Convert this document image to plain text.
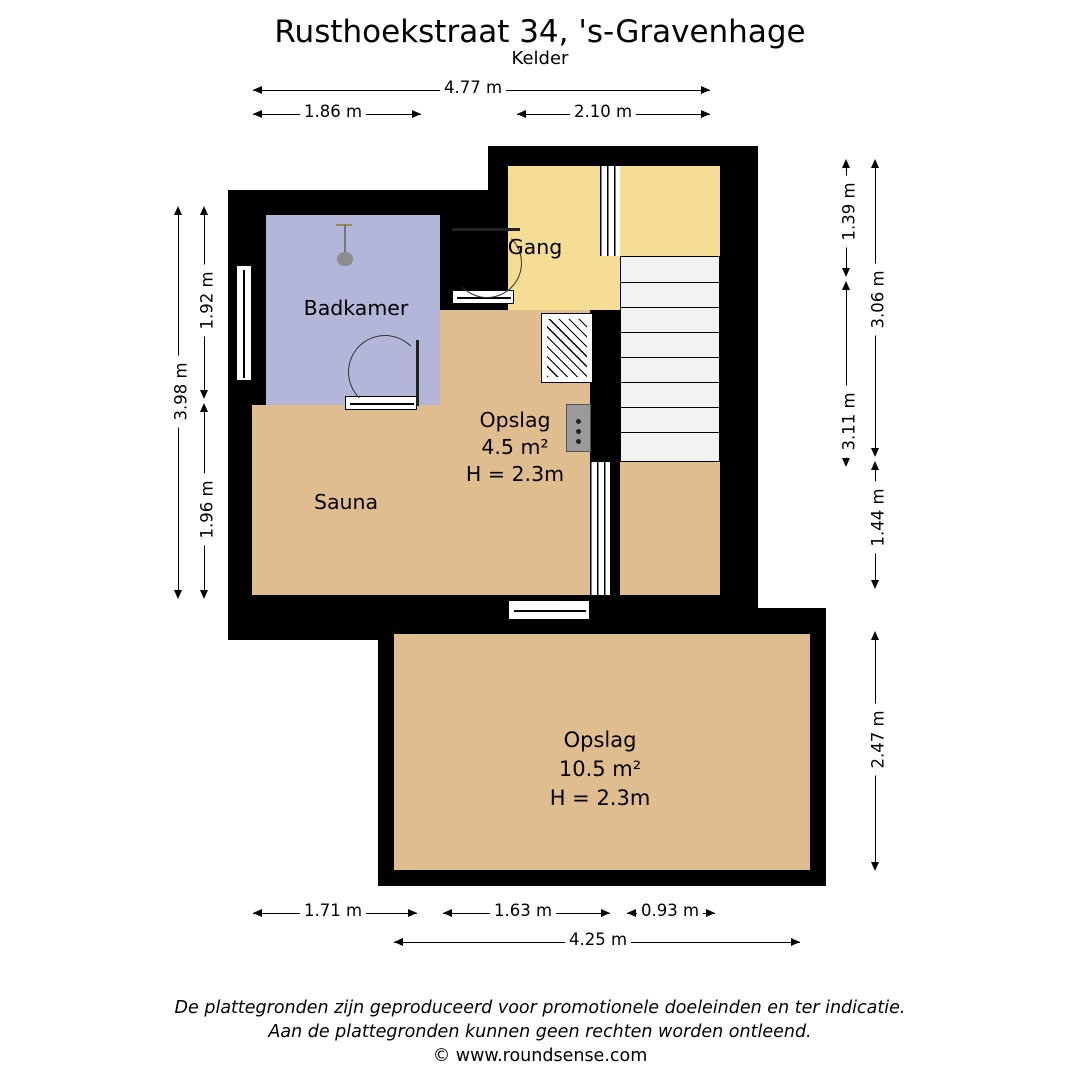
Rusthoekstraat 34, 's-Gravenhage
Kelder
4.77 m
1.86 m	2.10 m
3.98 m
1.92 m
1.96 m
1.39 m
3.06 m
3.11 m
1.44 m
2.47 m
1.71 m	1.63 m	0.93 m
4.25 m
Badkamer
Gang
Sauna
Opslag
4.5 m²
H = 2.3m
Opslag
10.5 m²
H = 2.3m
De plattegronden zijn geproduceerd voor promotionele doeleinden en ter indicatie.
Aan de plattegronden kunnen geen rechten worden ontleend.
© www.roundsense.com
